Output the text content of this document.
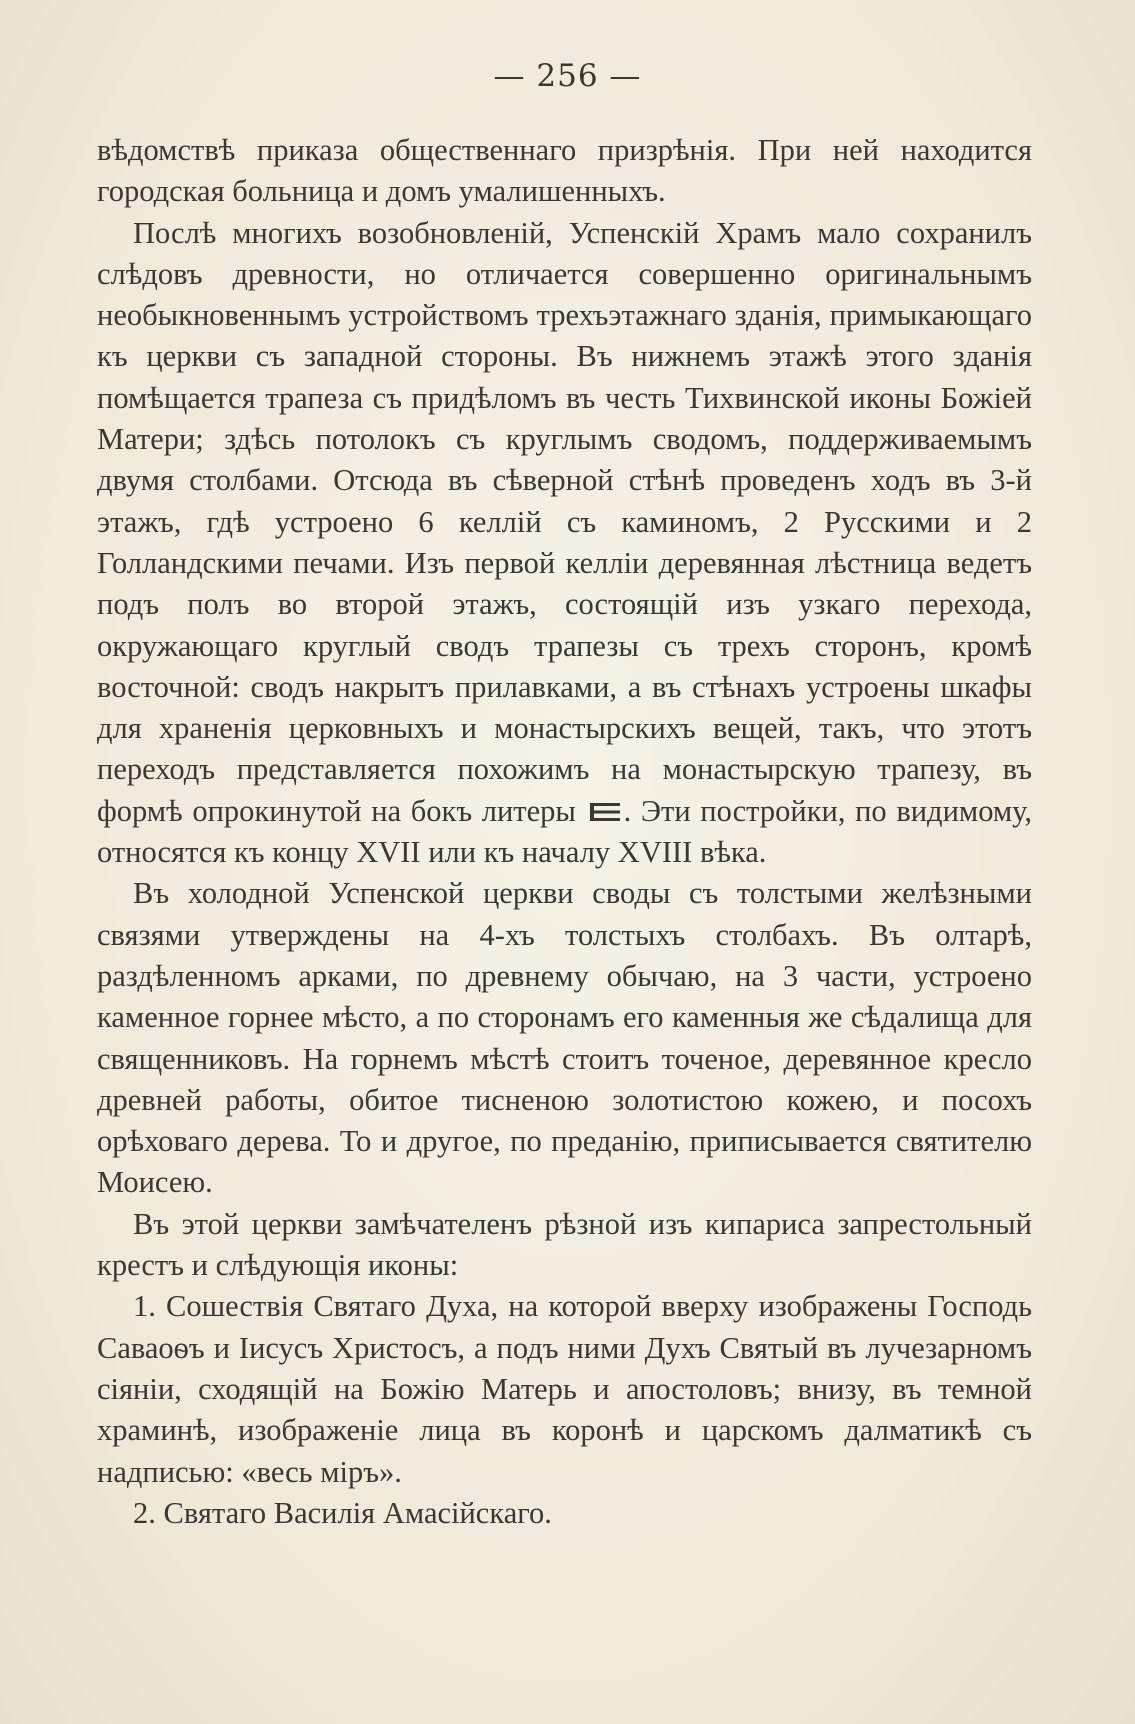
— 256 —

вѣдомствѣ приказа общественнаго призрѣнія. При ней находится городская больница и домъ умалишенныхъ.

Послѣ многихъ возобновленій, Успенскій Храмъ мало сохранилъ слѣдовъ древности, но отличается совершенно оригинальнымъ необыкновеннымъ устройствомъ трехъэтажнаго зданія, примыкающаго къ церкви съ западной стороны. Въ нижнемъ этажѣ этого зданія помѣщается трапеза съ придѣломъ въ честь Тихвинской иконы Божіей Матери; здѣсь потолокъ съ круглымъ сводомъ, поддерживаемымъ двумя столбами. Отсюда въ сѣверной стѣнѣ проведенъ ходъ въ 3-й этажъ, гдѣ устроено 6 келлій съ каминомъ, 2 Русскими и 2 Голландскими печами. Изъ первой келліи деревянная лѣстница ведетъ подъ полъ во второй этажъ, состоящій изъ узкаго перехода, окружающаго круглый сводъ трапезы съ трехъ сторонъ, кромѣ восточной: сводъ накрытъ прилавками, а въ стѣнахъ устроены шкафы для храненія церковныхъ и монастырскихъ вещей, такъ, что этотъ переходъ представляется похожимъ на монастырскую трапезу, въ формѣ опрокинутой на бокъ литеры . Эти постройки, по видимому, относятся къ концу XVII или къ началу XVIII вѣка.

Въ холодной Успенской церкви своды съ толстыми желѣзными связями утверждены на 4-хъ толстыхъ столбахъ. Въ олтарѣ, раздѣленномъ арками, по древнему обычаю, на 3 части, устроено каменное горнее мѣсто, а по сторонамъ его каменныя же сѣдалища для священниковъ. На горнемъ мѣстѣ стоитъ точеное, деревянное кресло древней работы, обитое тисненою золотистою кожею, и посохъ орѣховаго дерева. То и другое, по преданію, приписывается святителю Моисею.

Въ этой церкви замѣчателенъ рѣзной изъ кипариса запрестольный крестъ и слѣдующія иконы:

1. Сошествія Святаго Духа, на которой вверху изображены Господь Саваоѳъ и Іисусъ Христосъ, а подъ ними Духъ Святый въ лучезарномъ сіяніи, сходящій на Божію Матерь и апостоловъ; внизу, въ темной храминѣ, изображеніе лица въ коронѣ и царскомъ далматикѣ съ надписью: «весь міръ».

2. Святаго Василія Амасійскаго.
